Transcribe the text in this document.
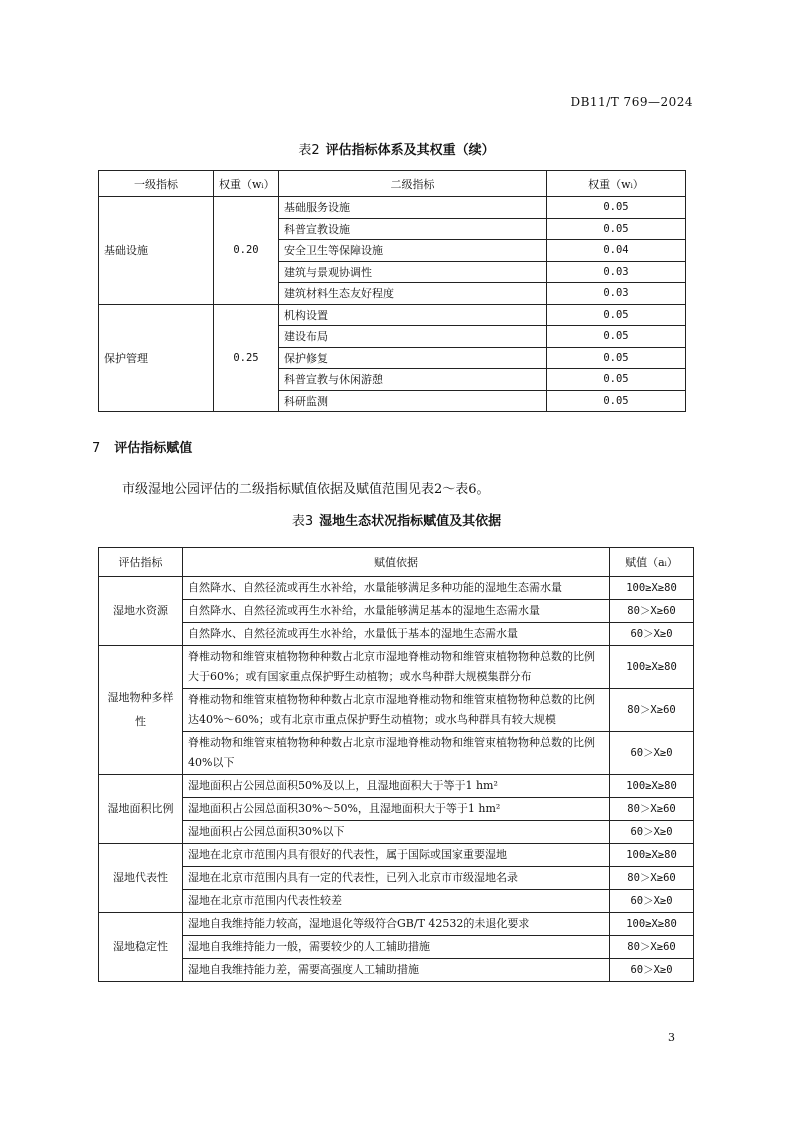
DB11/T 769—2024
表2 评估指标体系及其权重（续）
一级指标	权重（wᵢ）	二级指标	权重（wᵢ）
基础设施	0.20	基础服务设施	0.05
		科普宣教设施	0.05
		安全卫生等保障设施	0.04
		建筑与景观协调性	0.03
		建筑材料生态友好程度	0.03
保护管理	0.25	机构设置	0.05
		建设布局	0.05
		保护修复	0.05
		科普宣教与休闲游憩	0.05
		科研监测	0.05
7 评估指标赋值
市级湿地公园评估的二级指标赋值依据及赋值范围见表2～表6。
表3 湿地生态状况指标赋值及其依据
评估指标	赋值依据	赋值（aᵢ）
湿地水资源	自然降水、自然径流或再生水补给，水量能够满足多种功能的湿地生态需水量	100≥X≥80
	自然降水、自然径流或再生水补给，水量能够满足基本的湿地生态需水量	80＞X≥60
	自然降水、自然径流或再生水补给，水量低于基本的湿地生态需水量	60＞X≥0
湿地物种多样性	脊椎动物和维管束植物物种种数占北京市湿地脊椎动物和维管束植物物种总数的比例大于60%；或有国家重点保护野生动植物；或水鸟种群大规模集群分布	100≥X≥80
	脊椎动物和维管束植物物种种数占北京市湿地脊椎动物和维管束植物物种总数的比例达40%～60%；或有北京市重点保护野生动植物；或水鸟种群具有较大规模	80＞X≥60
	脊椎动物和维管束植物物种种数占北京市湿地脊椎动物和维管束植物物种总数的比例40%以下	60＞X≥0
湿地面积比例	湿地面积占公园总面积50%及以上，且湿地面积大于等于1 hm²	100≥X≥80
	湿地面积占公园总面积30%～50%，且湿地面积大于等于1 hm²	80＞X≥60
	湿地面积占公园总面积30%以下	60＞X≥0
湿地代表性	湿地在北京市范围内具有很好的代表性，属于国际或国家重要湿地	100≥X≥80
	湿地在北京市范围内具有一定的代表性，已列入北京市市级湿地名录	80＞X≥60
	湿地在北京市范围内代表性较差	60＞X≥0
湿地稳定性	湿地自我维持能力较高，湿地退化等级符合GB/T 42532的未退化要求	100≥X≥80
	湿地自我维持能力一般，需要较少的人工辅助措施	80＞X≥60
	湿地自我维持能力差，需要高强度人工辅助措施	60＞X≥0
3
